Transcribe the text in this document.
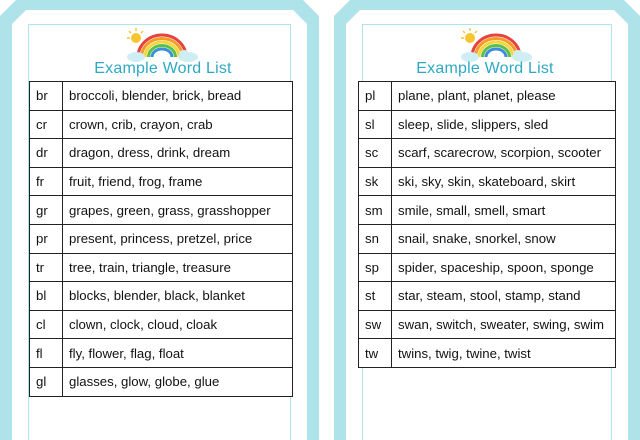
Example Word List	Example Word List
br	broccoli, blender, brick, bread
cr	crown, crib, crayon, crab
dr	dragon, dress, drink, dream
fr	fruit, friend, frog, frame
gr	grapes, green, grass, grasshopper
pr	present, princess, pretzel, price
tr	tree, train, triangle, treasure
bl	blocks, blender, black, blanket
cl	clown, clock, cloud, cloak
fl	fly, flower, flag, float
gl	glasses, glow, globe, glue
pl	plane, plant, planet, please
sl	sleep, slide, slippers, sled
sc	scarf, scarecrow, scorpion, scooter
sk	ski, sky, skin, skateboard, skirt
sm	smile, small, smell, smart
sn	snail, snake, snorkel, snow
sp	spider, spaceship, spoon, sponge
st	star, steam, stool, stamp, stand
sw	swan, switch, sweater, swing, swim
tw	twins, twig, twine, twist
